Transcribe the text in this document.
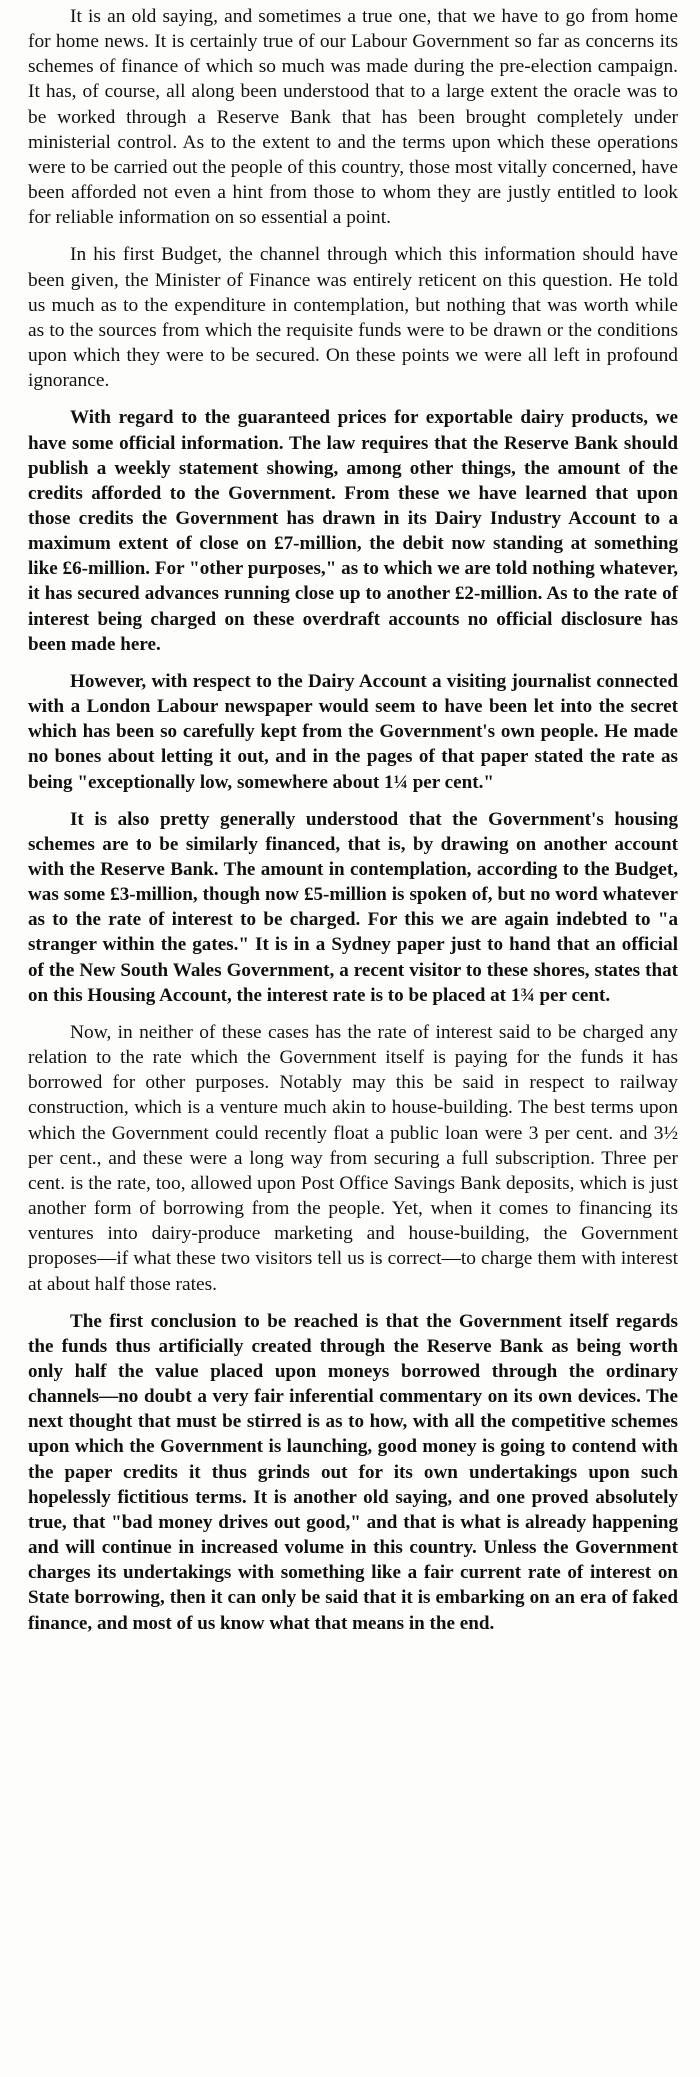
It is an old saying, and sometimes a true one, that we have to go from home for home news. It is certainly true of our Labour Government so far as concerns its schemes of finance of which so much was made during the pre-election campaign. It has, of course, all along been understood that to a large extent the oracle was to be worked through a Reserve Bank that has been brought completely under ministerial control. As to the extent to and the terms upon which these operations were to be carried out the people of this country, those most vitally concerned, have been afforded not even a hint from those to whom they are justly entitled to look for reliable information on so essential a point.

In his first Budget, the channel through which this information should have been given, the Minister of Finance was entirely reticent on this question. He told us much as to the expenditure in contemplation, but nothing that was worth while as to the sources from which the requisite funds were to be drawn or the conditions upon which they were to be secured. On these points we were all left in profound ignorance.

With regard to the guaranteed prices for exportable dairy products, we have some official information. The law requires that the Reserve Bank should publish a weekly statement showing, among other things, the amount of the credits afforded to the Government. From these we have learned that upon those credits the Government has drawn in its Dairy Industry Account to a maximum extent of close on £7-million, the debit now standing at something like £6-million. For "other purposes," as to which we are told nothing whatever, it has secured advances running close up to another £2-million. As to the rate of interest being charged on these overdraft accounts no official disclosure has been made here.

However, with respect to the Dairy Account a visiting journalist connected with a London Labour newspaper would seem to have been let into the secret which has been so carefully kept from the Government's own people. He made no bones about letting it out, and in the pages of that paper stated the rate as being "exceptionally low, somewhere about 1¼ per cent."

It is also pretty generally understood that the Government's housing schemes are to be similarly financed, that is, by drawing on another account with the Reserve Bank. The amount in contemplation, according to the Budget, was some £3-million, though now £5-million is spoken of, but no word whatever as to the rate of interest to be charged. For this we are again indebted to "a stranger within the gates." It is in a Sydney paper just to hand that an official of the New South Wales Government, a recent visitor to these shores, states that on this Housing Account, the interest rate is to be placed at 1¾ per cent.

Now, in neither of these cases has the rate of interest said to be charged any relation to the rate which the Government itself is paying for the funds it has borrowed for other purposes. Notably may this be said in respect to railway construction, which is a venture much akin to house-building. The best terms upon which the Government could recently float a public loan were 3 per cent. and 3½ per cent., and these were a long way from securing a full subscription. Three per cent. is the rate, too, allowed upon Post Office Savings Bank deposits, which is just another form of borrowing from the people. Yet, when it comes to financing its ventures into dairy-produce marketing and house-building, the Government proposes—if what these two visitors tell us is correct—to charge them with interest at about half those rates.

The first conclusion to be reached is that the Government itself regards the funds thus artificially created through the Reserve Bank as being worth only half the value placed upon moneys borrowed through the ordinary channels—no doubt a very fair inferential commentary on its own devices. The next thought that must be stirred is as to how, with all the competitive schemes upon which the Government is launching, good money is going to contend with the paper credits it thus grinds out for its own undertakings upon such hopelessly fictitious terms. It is another old saying, and one proved absolutely true, that "bad money drives out good," and that is what is already happening and will continue in increased volume in this country. Unless the Government charges its undertakings with something like a fair current rate of interest on State borrowing, then it can only be said that it is embarking on an era of faked finance, and most of us know what that means in the end.
